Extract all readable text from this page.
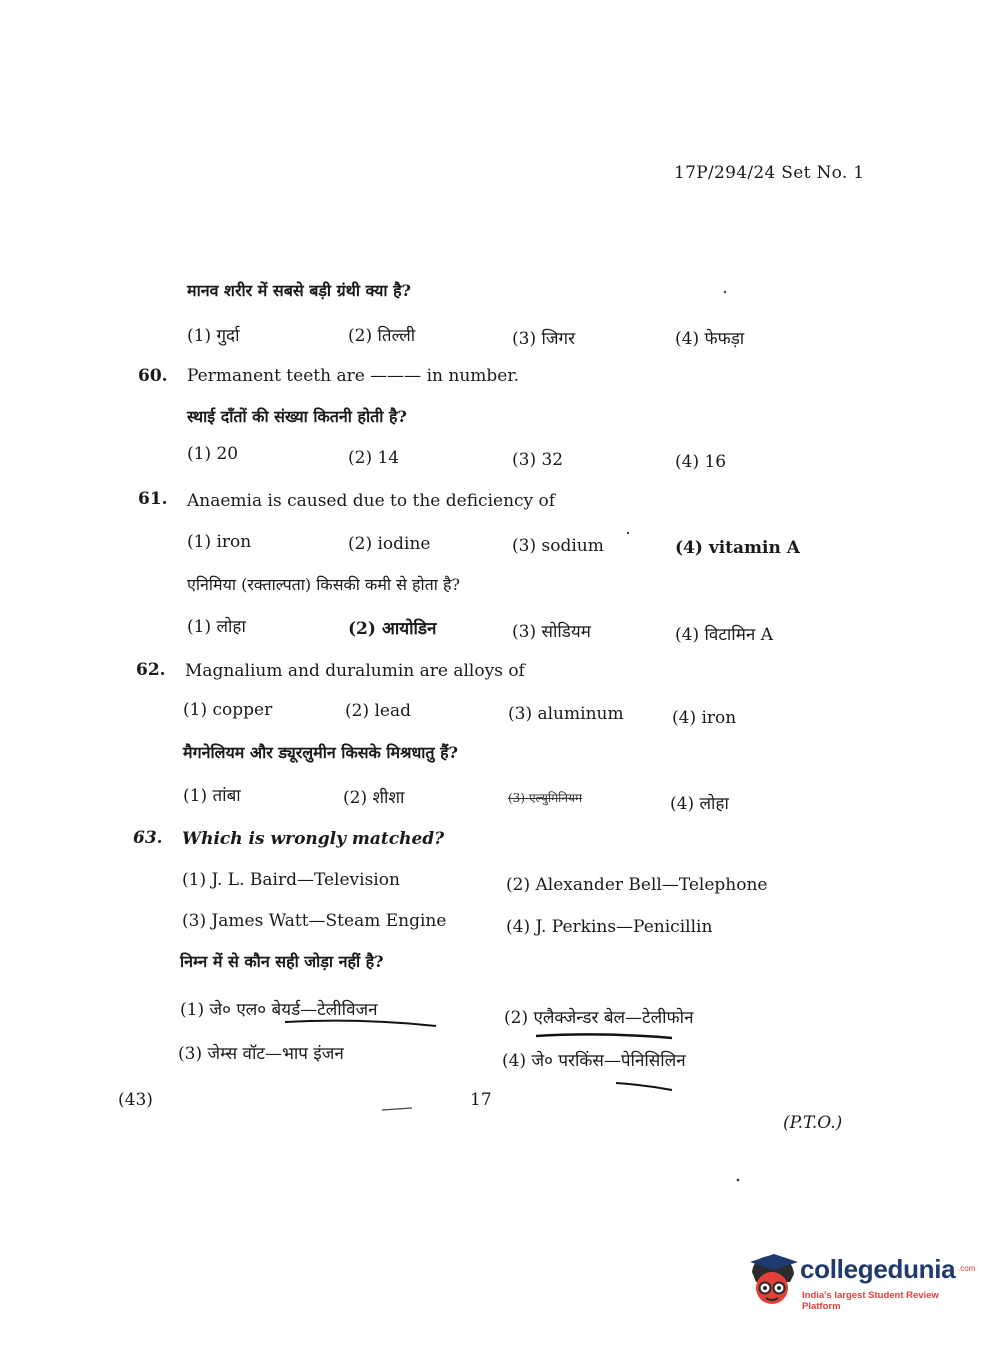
17P/294/24 Set No. 1
मानव शरीर में सबसे बड़ी ग्रंथी क्या है?
(1) गुर्दा	(2) तिल्ली	(3) जिगर	(4) फेफड़ा
60. Permanent teeth are ——— in number.
स्थाई दाँतों की संख्या कितनी होती है?
(1) 20	(2) 14	(3) 32	(4) 16
61. Anaemia is caused due to the deficiency of
(1) iron	(2) iodine	(3) sodium	(4) vitamin A
एनिमिया (रक्ताल्पता) किसकी कमी से होता है?
(1) लोहा	(2) आयोडिन	(3) सोडियम	(4) विटामिन A
62. Magnalium and duralumin are alloys of
(1) copper	(2) lead	(3) aluminum	(4) iron
मैगनेलियम और ड्यूरलुमीन किसके मिश्रधातु हैं?
(1) तांबा	(2) शीशा	(3) एल्युमिनियम	(4) लोहा
63. Which is wrongly matched?
(1) J. L. Baird—Television	(2) Alexander Bell—Telephone
(3) James Watt—Steam Engine	(4) J. Perkins—Penicillin
निम्न में से कौन सही जोड़ा नहीं है?
(1) जे० एल० बेयर्ड—टेलीविजन	(2) एलैक्जेन्डर बेल—टेलीफोन
(3) जेम्स वॉट—भाप इंजन	(4) जे० परकिंस—पेनिसिलिन
(43)	17
(P.T.O.)
collegedunia .com
India's largest Student Review Platform
